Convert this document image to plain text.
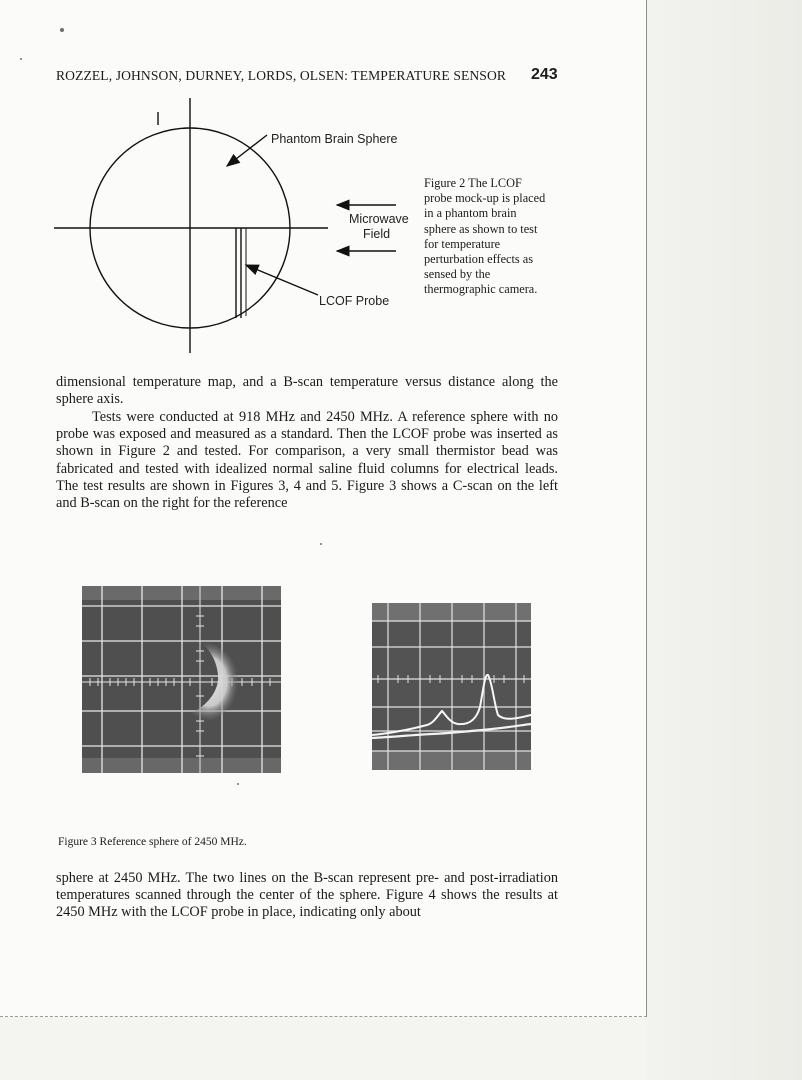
ROZZEL, JOHNSON, DURNEY, LORDS, OLSEN: TEMPERATURE SENSOR	243
Phantom Brain Sphere
Microwave
Field
LCOF Probe
Figure 2 The LCOF
probe mock-up is placed
in a phantom brain
sphere as shown to test
for temperature
perturbation effects as
sensed by the
thermographic camera.

dimensional temperature map, and a B-scan temperature versus distance along the sphere axis.

Tests were conducted at 918 MHz and 2450 MHz. A reference sphere with no probe was exposed and measured as a standard. Then the LCOF probe was inserted as shown in Figure 2 and tested. For comparison, a very small thermistor bead was fabricated and tested with idealized normal saline fluid columns for electrical leads. The test results are shown in Figures 3, 4 and 5. Figure 3 shows a C-scan on the left and B-scan on the right for the reference

Figure 3 Reference sphere of 2450 MHz.

sphere at 2450 MHz. The two lines on the B-scan represent pre- and post-irradiation temperatures scanned through the center of the sphere. Figure 4 shows the results at 2450 MHz with the LCOF probe in place, indicating only about
